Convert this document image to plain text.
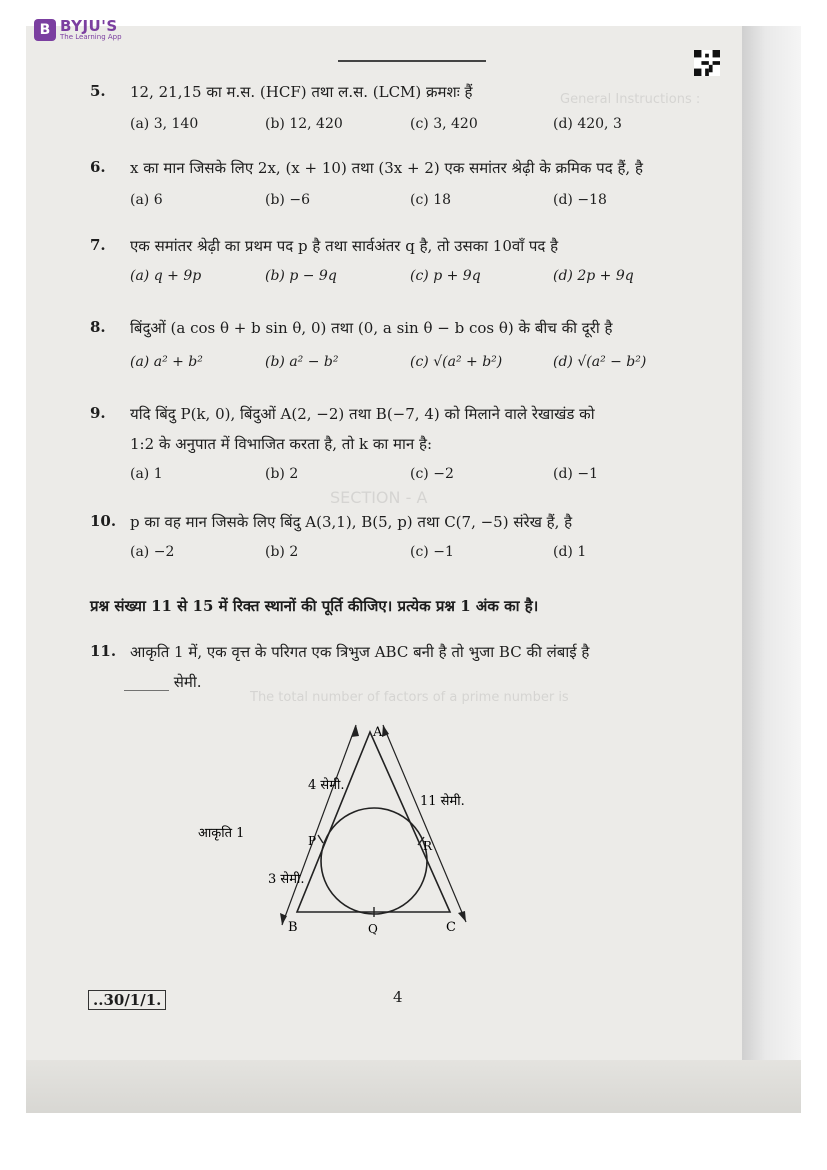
General Instructions :
SECTION - A
The total number of factors of a prime number is
B BYJU'S
The Learning App
5. 12, 21,15 का म.स. (HCF) तथा ल.स. (LCM) क्रमशः हैं
(a) 3, 140	(b) 12, 420	(c) 3, 420	(d) 420, 3
6. x का मान जिसके लिए 2x, (x + 10) तथा (3x + 2) एक समांतर श्रेढ़ी के क्रमिक पद हैं, है
(a) 6	(b) −6	(c) 18	(d) −18
7. एक समांतर श्रेढ़ी का प्रथम पद p है तथा सार्वअंतर q है, तो उसका 10वाँ पद है
(a) q + 9p	(b) p − 9q	(c) p + 9q	(d) 2p + 9q
8. बिंदुओं (a cos θ + b sin θ, 0) तथा (0, a sin θ − b cos θ) के बीच की दूरी है
(a) a² + b²	(b) a² − b²	(c) √(a² + b²)	(d) √(a² − b²)
9. यदि बिंदु P(k, 0), बिंदुओं A(2, −2) तथा B(−7, 4) को मिलाने वाले रेखाखंड को
1:2 के अनुपात में विभाजित करता है, तो k का मान है:
(a) 1	(b) 2	(c) −2	(d) −1
10. p का वह मान जिसके लिए बिंदु A(3,1), B(5, p) तथा C(7, −5) संरेख हैं, है
(a) −2	(b) 2	(c) −1	(d) 1
प्रश्न संख्या 11 से 15 में रिक्त स्थानों की पूर्ति कीजिए। प्रत्येक प्रश्न 1 अंक का है।
11. आकृति 1 में, एक वृत्त के परिगत एक त्रिभुज ABC बनी है तो भुजा BC की लंबाई है
______ सेमी.
A
B	C
P
Q
R
4 सेमी.
11 सेमी.
3 सेमी.
आकृति 1
..30/1/1.	4
